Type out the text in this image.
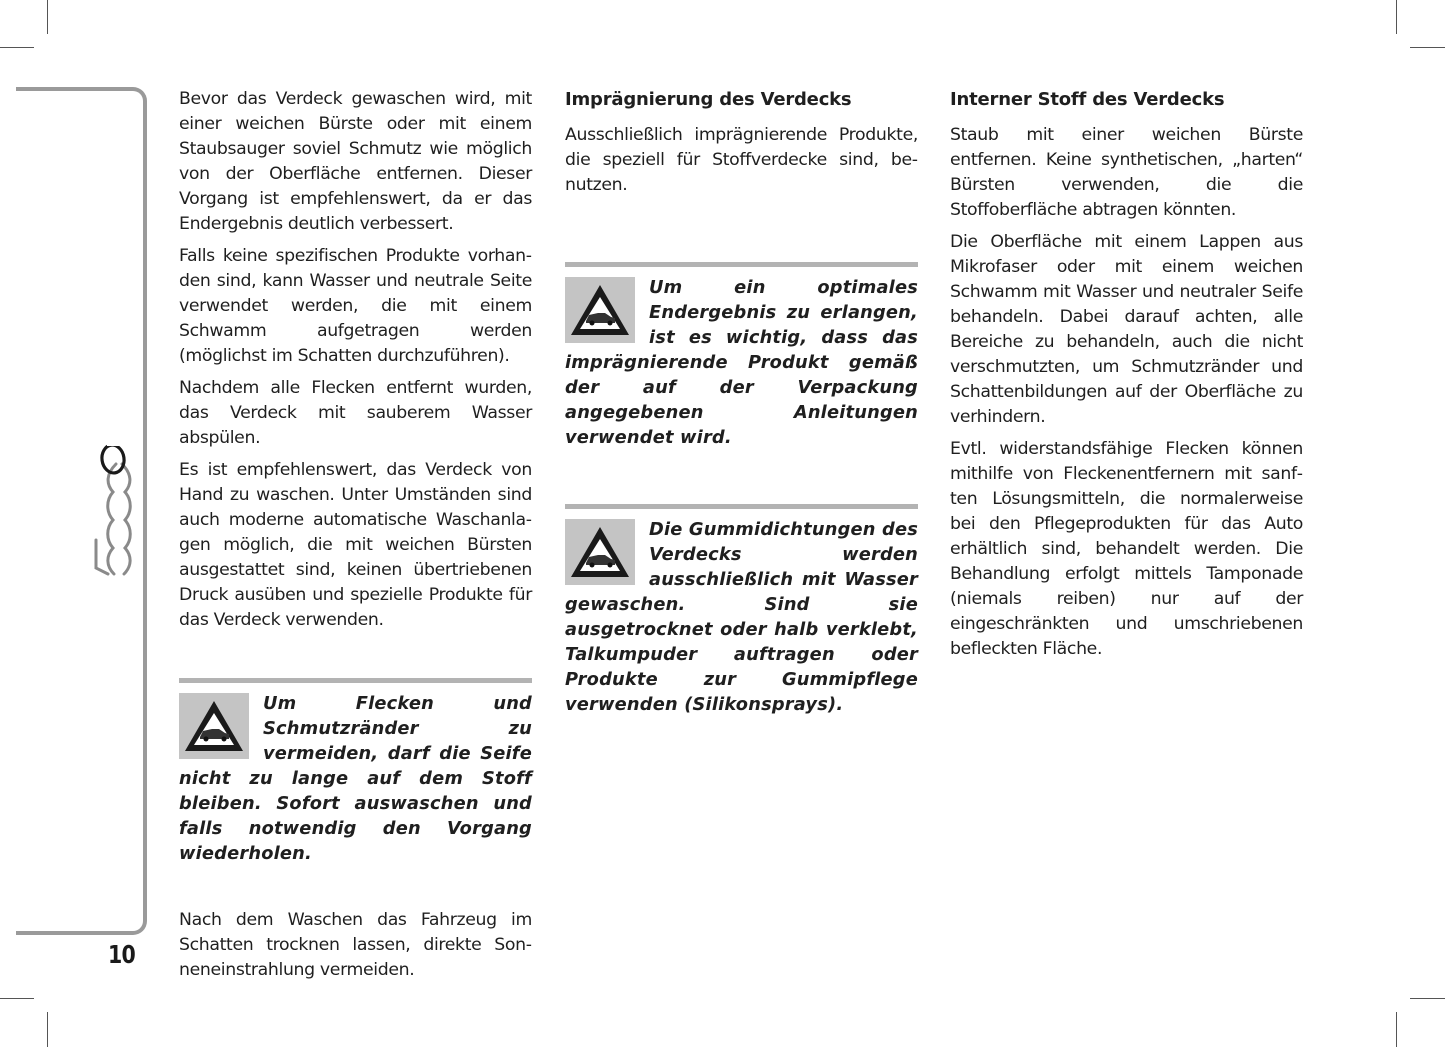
10

Bevor das Verdeck gewaschen wird, mit einer weichen Bürste oder mit einem Staubsauger soviel Schmutz wie möglich von der Oberfläche entfernen. Dieser Vorgang ist empfehlenswert, da er das Endergebnis deutlich verbessert.

Falls keine spezifischen Produkte vorhanden sind, kann Wasser und neutrale Seite verwendet werden, die mit einem Schwamm aufgetragen werden (möglichst im Schatten durchzuführen).

Nachdem alle Flecken entfernt wurden, das Verdeck mit sauberem Wasser abspülen.

Es ist empfehlenswert, das Verdeck von Hand zu waschen. Unter Umständen sind auch moderne automatische Waschanlagen möglich, die mit weichen Bürsten ausgestattet sind, keinen übertriebenen Druck ausüben und spezielle Produkte für das Verdeck verwenden.

Um Flecken und Schmutzränder zu vermeiden, darf die Seife nicht zu lange auf dem Stoff bleiben. Sofort auswaschen und falls notwendig den Vorgang wiederholen.

Nach dem Waschen das Fahrzeug im Schatten trocknen lassen, direkte Sonneneinstrahlung vermeiden.

Imprägnierung des Verdecks

Ausschließlich imprägnierende Produkte, die speziell für Stoffverdecke sind, benutzen.

Um ein optimales Endergebnis zu erlangen, ist es wichtig, dass das imprägnierende Produkt gemäß der auf der Verpackung angegebenen Anleitungen verwendet wird.
Die Gummidichtungen des Verdecks werden ausschließlich mit Wasser gewaschen. Sind sie ausgetrocknet oder halb verklebt, Talkumpuder auftragen oder Produkte zur Gummipflege verwenden (Silikonsprays).
Interner Stoff des Verdecks

Staub mit einer weichen Bürste entfernen. Keine synthetischen, „harten“ Bürsten verwenden, die die Stoffoberfläche abtragen könnten.

Die Oberfläche mit einem Lappen aus Mikrofaser oder mit einem weichen Schwamm mit Wasser und neutraler Seife behandeln. Dabei darauf achten, alle Bereiche zu behandeln, auch die nicht verschmutzten, um Schmutzränder und Schattenbildungen auf der Oberfläche zu verhindern.

Evtl. widerstandsfähige Flecken können mithilfe von Fleckenentfernern mit sanften Lösungsmitteln, die normalerweise bei den Pflegeprodukten für das Auto erhältlich sind, behandelt werden. Die Behandlung erfolgt mittels Tamponade (niemals reiben) nur auf der eingeschränkten und umschriebenen befleckten Fläche.
